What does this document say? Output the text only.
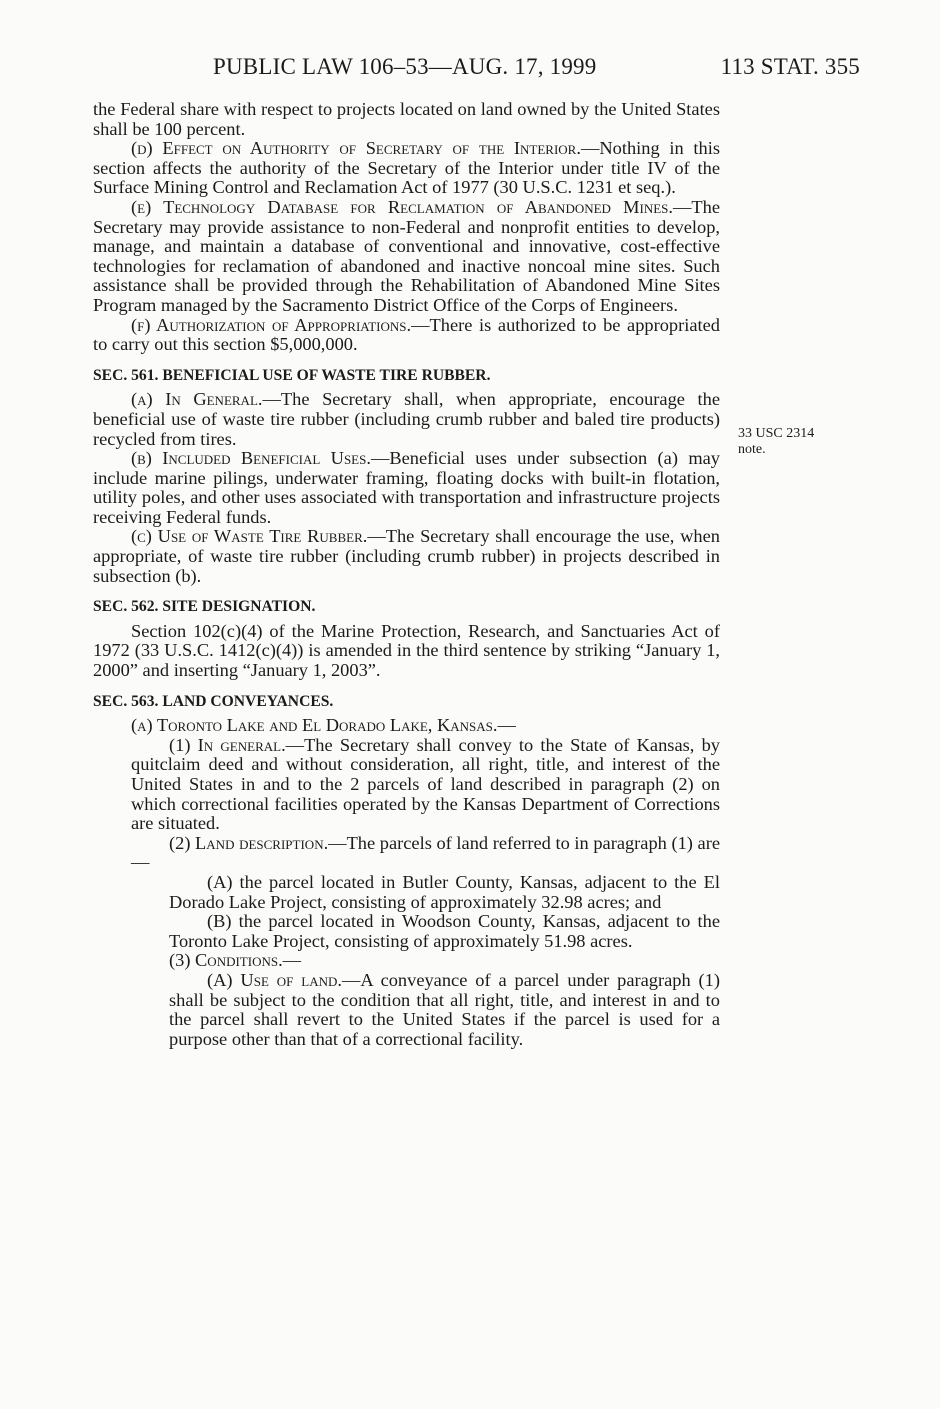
PUBLIC LAW 106–53—AUG. 17, 1999	113 STAT. 355
33 USC 2314
note.

the Federal share with respect to projects located on land owned by the United States shall be 100 percent.

(d) Effect on Authority of Secretary of the Interior.—Nothing in this section affects the authority of the Secretary of the Interior under title IV of the Surface Mining Control and Reclamation Act of 1977 (30 U.S.C. 1231 et seq.).

(e) Technology Database for Reclamation of Abandoned Mines.—The Secretary may provide assistance to non-Federal and nonprofit entities to develop, manage, and maintain a database of conventional and innovative, cost-effective technologies for reclamation of abandoned and inactive noncoal mine sites. Such assistance shall be provided through the Rehabilitation of Abandoned Mine Sites Program managed by the Sacramento District Office of the Corps of Engineers.

(f) Authorization of Appropriations.—There is authorized to be appropriated to carry out this section $5,000,000.

SEC. 561. BENEFICIAL USE OF WASTE TIRE RUBBER.

(a) In General.—The Secretary shall, when appropriate, encourage the beneficial use of waste tire rubber (including crumb rubber and baled tire products) recycled from tires.

(b) Included Beneficial Uses.—Beneficial uses under subsection (a) may include marine pilings, underwater framing, floating docks with built-in flotation, utility poles, and other uses associated with transportation and infrastructure projects receiving Federal funds.

(c) Use of Waste Tire Rubber.—The Secretary shall encourage the use, when appropriate, of waste tire rubber (including crumb rubber) in projects described in subsection (b).

SEC. 562. SITE DESIGNATION.

Section 102(c)(4) of the Marine Protection, Research, and Sanctuaries Act of 1972 (33 U.S.C. 1412(c)(4)) is amended in the third sentence by striking “January 1, 2000” and inserting “January 1, 2003”.

SEC. 563. LAND CONVEYANCES.

(a) Toronto Lake and El Dorado Lake, Kansas.—

(1) In general.—The Secretary shall convey to the State of Kansas, by quitclaim deed and without consideration, all right, title, and interest of the United States in and to the 2 parcels of land described in paragraph (2) on which correctional facilities operated by the Kansas Department of Corrections are situated.

(2) Land description.—The parcels of land referred to in paragraph (1) are—

(A) the parcel located in Butler County, Kansas, adjacent to the El Dorado Lake Project, consisting of approximately 32.98 acres; and

(B) the parcel located in Woodson County, Kansas, adjacent to the Toronto Lake Project, consisting of approximately 51.98 acres.

(3) Conditions.—

(A) Use of land.—A conveyance of a parcel under paragraph (1) shall be subject to the condition that all right, title, and interest in and to the parcel shall revert to the United States if the parcel is used for a purpose other than that of a correctional facility.
